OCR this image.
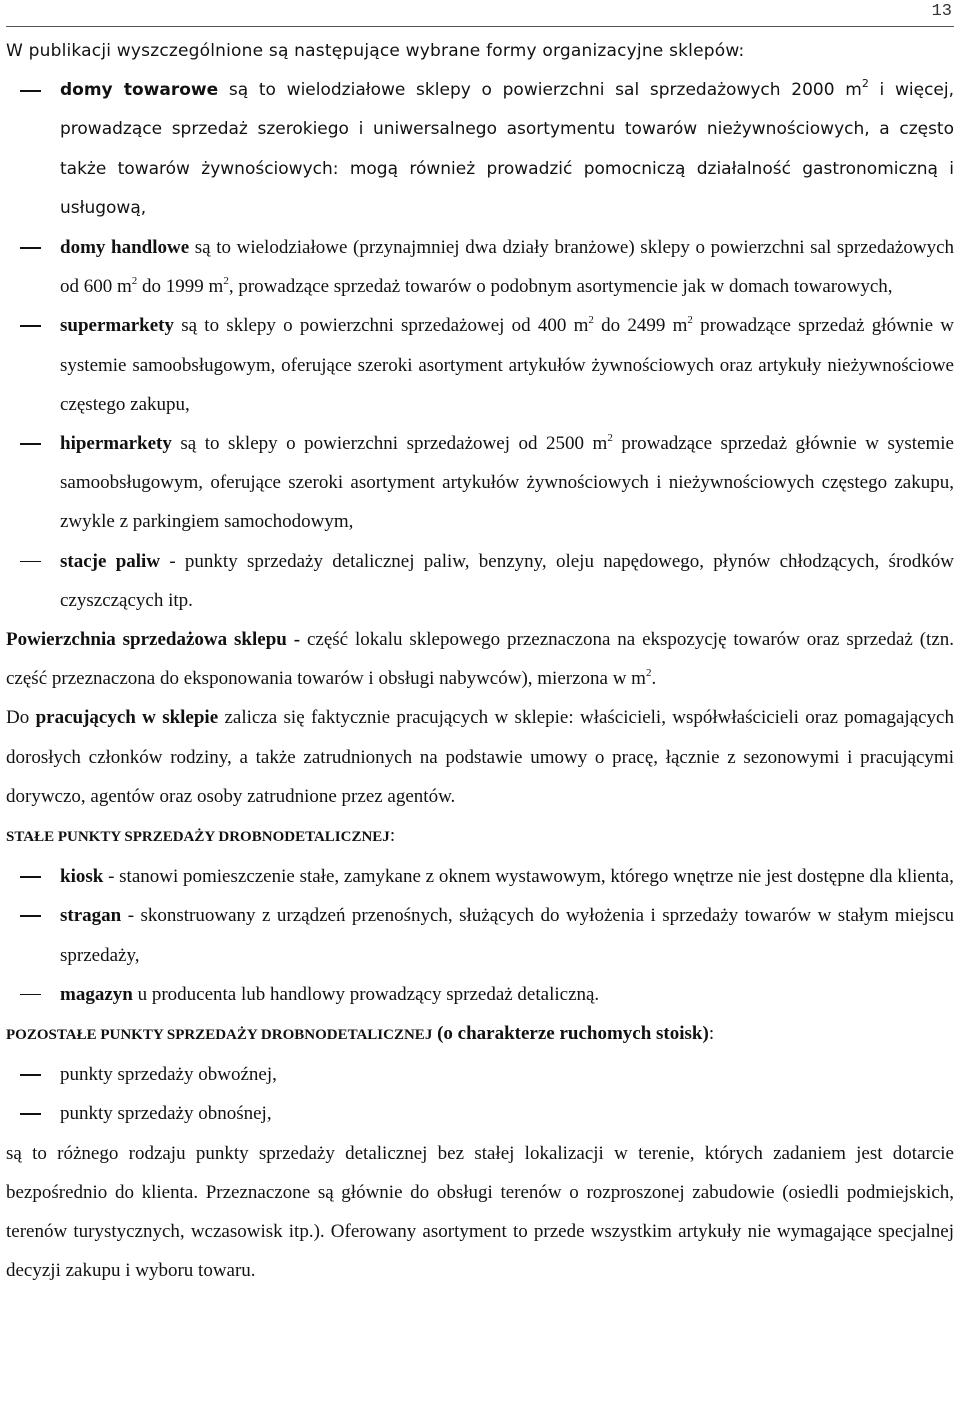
13

W publikacji wyszczególnione są następujące wybrane formy organizacyjne sklepów:

domy towarowe są to wielodziałowe sklepy o powierzchni sal sprzedażowych 2000 $m^2$ i więcej, prowadzące sprzedaż szerokiego i uniwersalnego asortymentu towarów nieżywnościowych, a często także towarów żywnościowych: mogą również prowadzić pomocniczą działalność gastronomiczną i usługową,
domy handlowe są to wielodziałowe (przynajmniej dwa działy branżowe) sklepy o powierzchni sal sprzedażowych od 600 $m^2$ do 1999 $m^2$, prowadzące sprzedaż towarów o podobnym asortymencie jak w domach towarowych,
supermarkety są to sklepy o powierzchni sprzedażowej od 400 $m^2$ do 2499 $m^2$ prowadzące sprzedaż głównie w systemie samoobsługowym, oferujące szeroki asortyment artykułów żywnościowych oraz artykuły nieżywnościowe częstego zakupu,
hipermarkety są to sklepy o powierzchni sprzedażowej od 2500 $m^2$ prowadzące sprzedaż głównie w systemie samoobsługowym, oferujące szeroki asortyment artykułów żywnościowych i nieżywnościowych częstego zakupu, zwykle z parkingiem samochodowym,
stacje paliw - punkty sprzedaży detalicznej paliw, benzyny, oleju napędowego, płynów chłodzących, środków czyszczących itp.

Powierzchnia sprzedażowa sklepu - część lokalu sklepowego przeznaczona na ekspozycję towarów oraz sprzedaż (tzn. część przeznaczona do eksponowania towarów i obsługi nabywców), mierzona w $m^2$.

Do pracujących w sklepie zalicza się faktycznie pracujących w sklepie: właścicieli, współwłaścicieli oraz pomagających dorosłych członków rodziny, a także zatrudnionych na podstawie umowy o pracę, łącznie z sezonowymi i pracującymi dorywczo, agentów oraz osoby zatrudnione przez agentów.

STAŁE PUNKTY SPRZEDAŻY DROBNODETALICZNEJ:

kiosk - stanowi pomieszczenie stałe, zamykane z oknem wystawowym, którego wnętrze nie jest dostępne dla klienta,
stragan - skonstruowany z urządzeń przenośnych, służących do wyłożenia i sprzedaży towarów w stałym miejscu sprzedaży,
magazyn u producenta lub handlowy prowadzący sprzedaż detaliczną.

POZOSTAŁE PUNKTY SPRZEDAŻY DROBNODETALICZNEJ (o charakterze ruchomych stoisk):

punkty sprzedaży obwoźnej,
punkty sprzedaży obnośnej,

są to różnego rodzaju punkty sprzedaży detalicznej bez stałej lokalizacji w terenie, których zadaniem jest dotarcie bezpośrednio do klienta. Przeznaczone są głównie do obsługi terenów o rozproszonej zabudowie (osiedli podmiejskich, terenów turystycznych, wczasowisk itp.). Oferowany asortyment to przede wszystkim artykuły nie wymagające specjalnej decyzji zakupu i wyboru towaru.
